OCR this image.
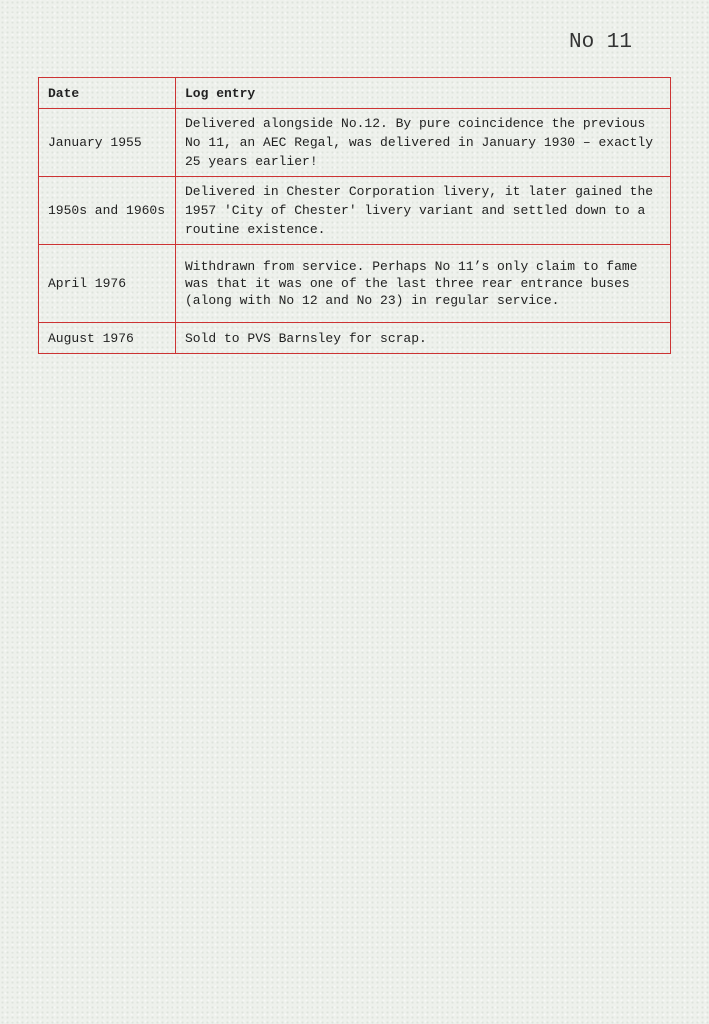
No 11
Date	Log entry
January 1955	Delivered alongside No.12. By pure coincidence the previous No 11, an AEC Regal, was delivered in January 1930 – exactly 25 years earlier!
1950s and 1960s	Delivered in Chester Corporation livery, it later gained the 1957 'City of Chester' livery variant and settled down to a routine existence.
April 1976	Withdrawn from service. Perhaps No 11’s only claim to fame was that it was one of the last three rear entrance buses (along with No 12 and No 23) in regular service.
August 1976	Sold to PVS Barnsley for scrap.
